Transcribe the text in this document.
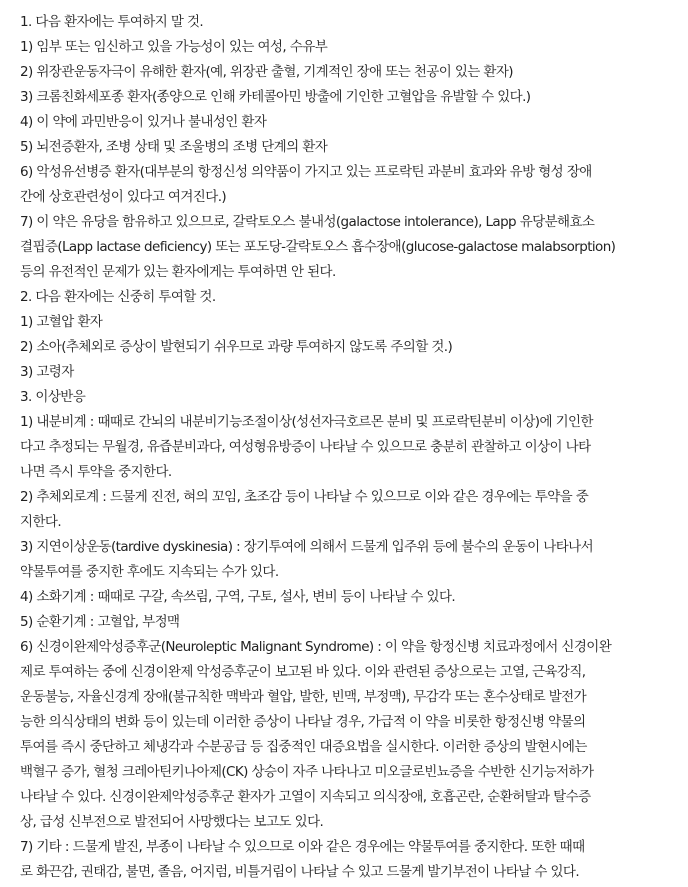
1. 다음 환자에는 투여하지 말 것.
1) 임부 또는 임신하고 있을 가능성이 있는 여성, 수유부
2) 위장관운동자극이 유해한 환자(예, 위장관 출혈, 기계적인 장애 또는 천공이 있는 환자)
3) 크롬친화세포종 환자(종양으로 인해 카테콜아민 방출에 기인한 고혈압을 유발할 수 있다.)
4) 이 약에 과민반응이 있거나 불내성인 환자
5) 뇌전증환자, 조병 상태 및 조울병의 조병 단계의 환자
6) 악성유선병증 환자(대부분의 항정신성 의약품이 가지고 있는 프로락틴 과분비 효과와 유방 형성 장애
간에 상호관련성이 있다고 여겨진다.)
7) 이 약은 유당을 함유하고 있으므로, 갈락토오스 불내성(galactose intolerance), Lapp 유당분해효소
결핍증(Lapp lactase deficiency) 또는 포도당-갈락토오스 흡수장애(glucose-galactose malabsorption)
등의 유전적인 문제가 있는 환자에게는 투여하면 안 된다.
2. 다음 환자에는 신중히 투여할 것.
1) 고혈압 환자
2) 소아(추체외로 증상이 발현되기 쉬우므로 과량 투여하지 않도록 주의할 것.)
3) 고령자
3. 이상반응
1) 내분비계 : 때때로 간뇌의 내분비기능조절이상(성선자극호르몬 분비 및 프로락틴분비 이상)에 기인한
다고 추정되는 무월경, 유즙분비과다, 여성형유방증이 나타날 수 있으므로 충분히 관찰하고 이상이 나타
나면 즉시 투약을 중지한다.
2) 추체외로계 : 드물게 진전, 혀의 꼬임, 초조감 등이 나타날 수 있으므로 이와 같은 경우에는 투약을 중
지한다.
3) 지연이상운동(tardive dyskinesia) : 장기투여에 의해서 드물게 입주위 등에 불수의 운동이 나타나서
약물투여를 중지한 후에도 지속되는 수가 있다.
4) 소화기계 : 때때로 구갈, 속쓰림, 구역, 구토, 설사, 변비 등이 나타날 수 있다.
5) 순환기계 : 고혈압, 부정맥
6) 신경이완제악성증후군(Neuroleptic Malignant Syndrome) : 이 약을 항정신병 치료과정에서 신경이완
제로 투여하는 중에 신경이완제 악성증후군이 보고된 바 있다. 이와 관련된 증상으로는 고열, 근육강직,
운동불능, 자율신경계 장애(불규칙한 맥박과 혈압, 발한, 빈맥, 부정맥), 무감각 또는 혼수상태로 발전가
능한 의식상태의 변화 등이 있는데 이러한 증상이 나타날 경우, 가급적 이 약을 비롯한 항정신병 약물의
투여를 즉시 중단하고 체냉각과 수분공급 등 집중적인 대증요법을 실시한다. 이러한 증상의 발현시에는
백혈구 증가, 혈청 크레아틴키나아제(CK) 상승이 자주 나타나고 미오글로빈뇨증을 수반한 신기능저하가
나타날 수 있다. 신경이완제악성증후군 환자가 고열이 지속되고 의식장애, 호흡곤란, 순환허탈과 탈수증
상, 급성 신부전으로 발전되어 사망했다는 보고도 있다.
7) 기타 : 드물게 발진, 부종이 나타날 수 있으므로 이와 같은 경우에는 약물투여를 중지한다. 또한 때때
로 화끈감, 권태감, 불면, 졸음, 어지럼, 비틀거림이 나타날 수 있고 드물게 발기부전이 나타날 수 있다.
